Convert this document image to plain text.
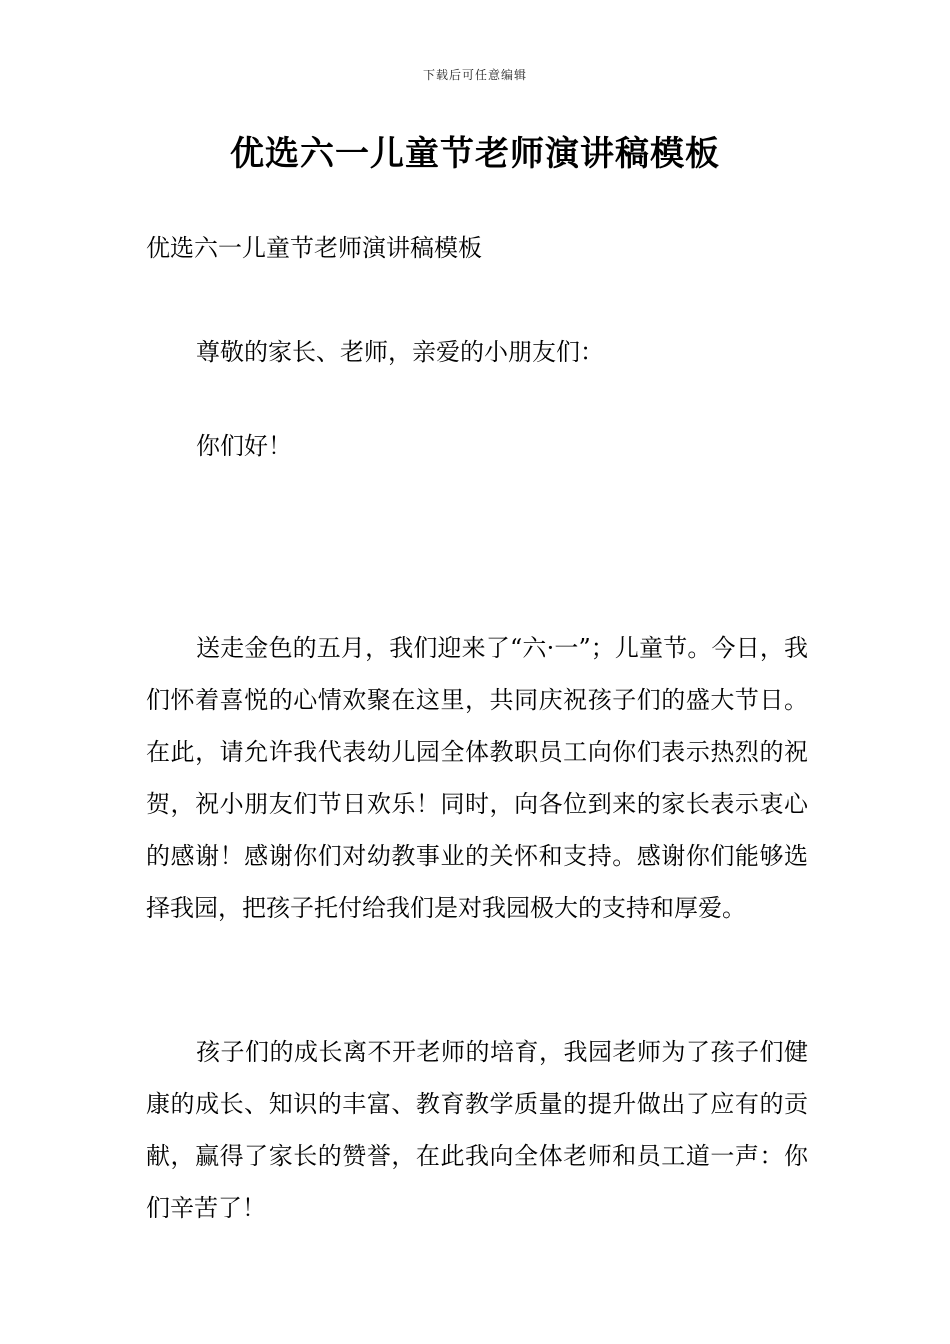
下载后可任意编辑
优选六一儿童节老师演讲稿模板

优选六一儿童节老师演讲稿模板

尊敬的家长、老师，亲爱的小朋友们：

你们好！

送走金色的五月，我们迎来了“六·一”；儿童节。今日，我们怀着喜悦的心情欢聚在这里，共同庆祝孩子们的盛大节日。在此，请允许我代表幼儿园全体教职员工向你们表示热烈的祝贺，祝小朋友们节日欢乐！同时，向各位到来的家长表示衷心的感谢！感谢你们对幼教事业的关怀和支持。感谢你们能够选择我园，把孩子托付给我们是对我园极大的支持和厚爱。

孩子们的成长离不开老师的培育，我园老师为了孩子们健康的成长、知识的丰富、教育教学质量的提升做出了应有的贡献，赢得了家长的赞誉，在此我向全体老师和员工道一声：你们辛苦了！
